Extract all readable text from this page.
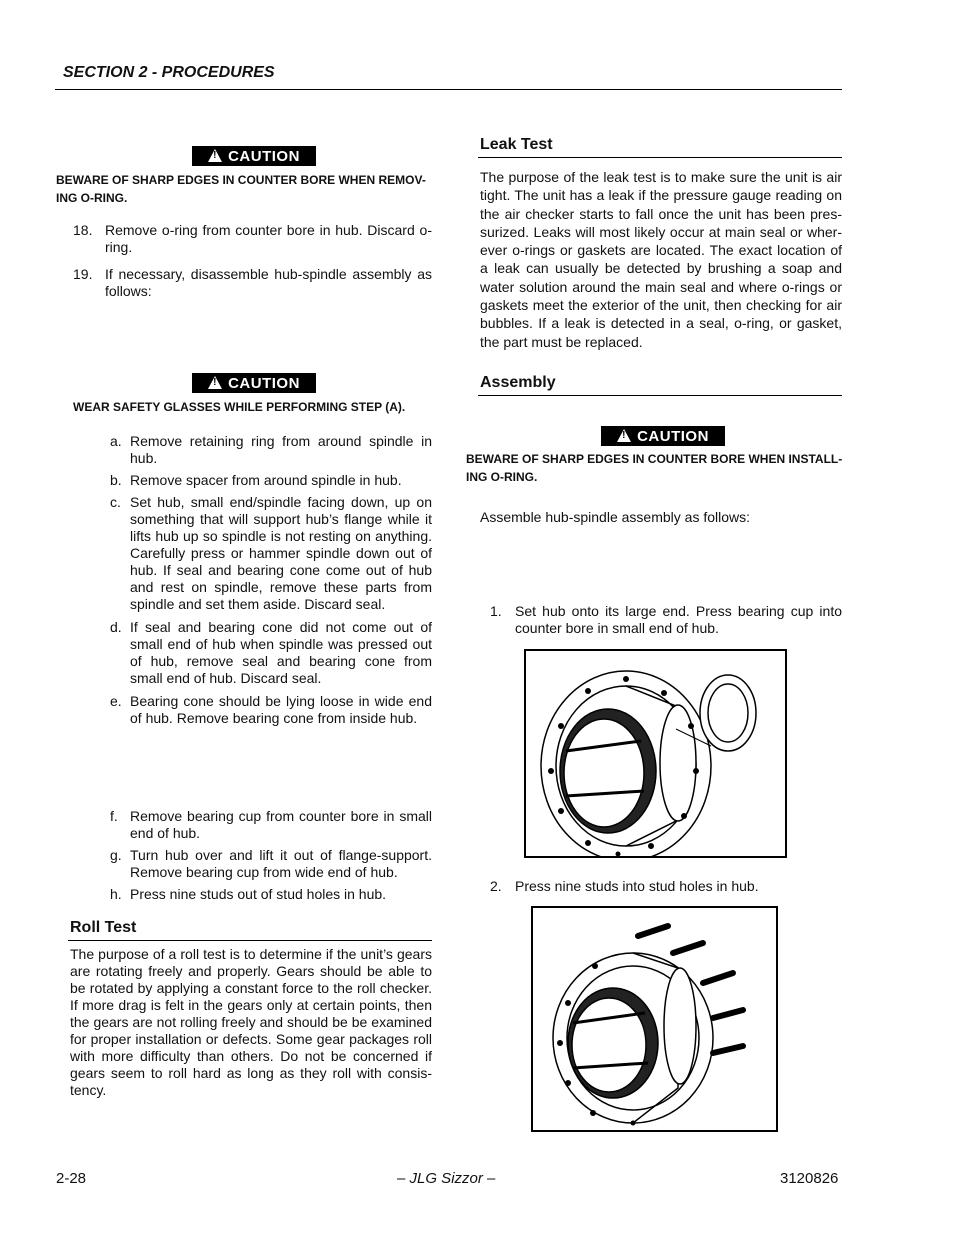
SECTION 2 - PROCEDURES
!
CAUTION
BEWARE OF SHARP EDGES IN COUNTER BORE WHEN REMOV-ING O-RING.
18. Remove o-ring from counter bore in hub. Discard o-ring.
19. If necessary, disassemble hub-spindle assembly as follows:
!
CAUTION
WEAR SAFETY GLASSES WHILE PERFORMING STEP (A).
a. Remove retaining ring from around spindle in hub.
b. Remove spacer from around spindle in hub.
c. Set hub, small end/spindle facing down, up on something that will support hub’s flange while it lifts hub up so spindle is not resting on anything. Carefully press or hammer spindle down out of hub. If seal and bearing cone come out of hub and rest on spindle, remove these parts from spindle and set them aside. Discard seal.
d. If seal and bearing cone did not come out of small end of hub when spindle was pressed out of hub, remove seal and bearing cone from small end of hub. Discard seal.
e. Bearing cone should be lying loose in wide end of hub. Remove bearing cone from inside hub.
f. Remove bearing cup from counter bore in small end of hub.
g. Turn hub over and lift it out of flange-support. Remove bearing cup from wide end of hub.
h. Press nine studs out of stud holes in hub.
Roll Test
The purpose of a roll test is to determine if the unit’s gears are rotating freely and properly. Gears should be able to be rotated by applying a constant force to the roll checker. If more drag is felt in the gears only at certain points, then the gears are not rolling freely and should be be examined for proper installation or defects. Some gear packages roll with more difficulty than others. Do not be concerned if gears seem to roll hard as long as they roll with consis-tency.
Leak Test
The purpose of the leak test is to make sure the unit is air tight. The unit has a leak if the pressure gauge reading on the air checker starts to fall once the unit has been pres-surized. Leaks will most likely occur at main seal or wher-ever o-rings or gaskets are located. The exact location of a leak can usually be detected by brushing a soap and water solution around the main seal and where o-rings or gaskets meet the exterior of the unit, then checking for air bubbles. If a leak is detected in a seal, o-ring, or gasket, the part must be replaced.
Assembly
!
CAUTION
BEWARE OF SHARP EDGES IN COUNTER BORE WHEN INSTALL-ING O-RING.
Assemble hub-spindle assembly as follows:
1. Set hub onto its large end. Press bearing cup into counter bore in small end of hub.
2. Press nine studs into stud holes in hub.
2-28	– JLG Sizzor –	3120826
